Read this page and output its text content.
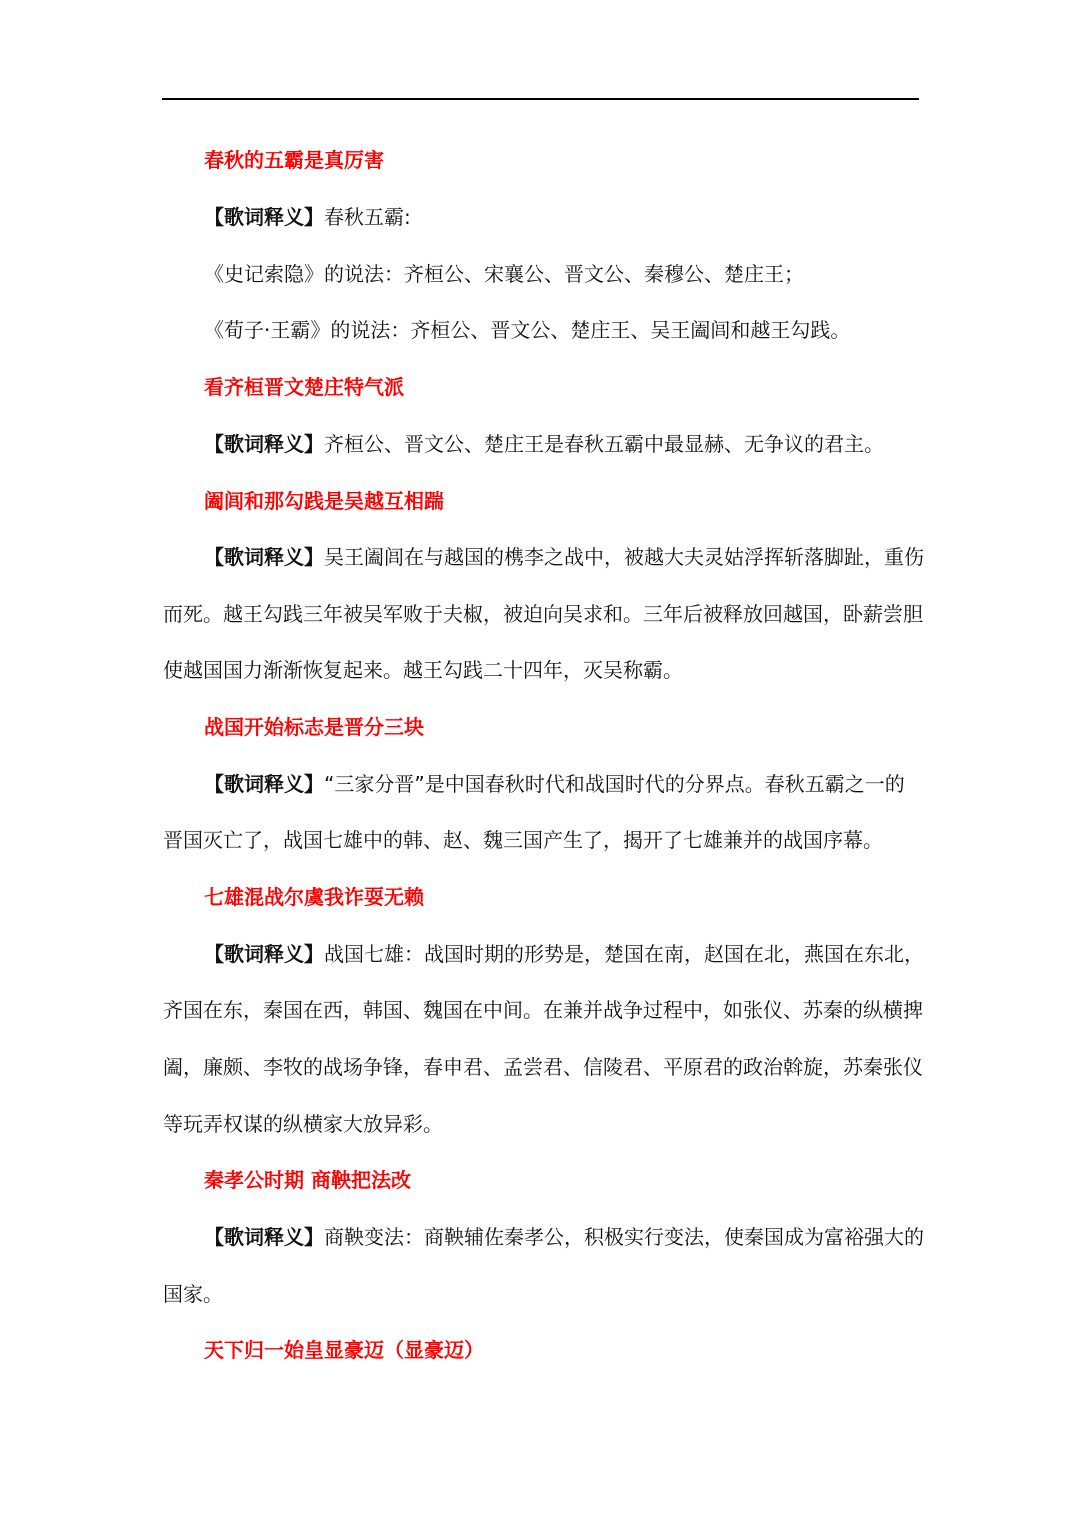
春秋的五霸是真厉害
【歌词释义】春秋五霸:
《史记索隐》的说法：齐桓公、宋襄公、晋文公、秦穆公、楚庄王；
《荀子·王霸》的说法：齐桓公、晋文公、楚庄王、吴王阖闾和越王勾践。
看齐桓晋文楚庄特气派
【歌词释义】齐桓公、晋文公、楚庄王是春秋五霸中最显赫、无争议的君主。
阖闾和那勾践是吴越互相踹
【歌词释义】吴王阖闾在与越国的槜李之战中，被越大夫灵姑浮挥斩落脚趾，重伤
而死。越王勾践三年被吴军败于夫椒，被迫向吴求和。三年后被释放回越国，卧薪尝胆
使越国国力渐渐恢复起来。越王勾践二十四年，灭吴称霸。
战国开始标志是晋分三块
【歌词释义】“三家分晋”是中国春秋时代和战国时代的分界点。春秋五霸之一的
晋国灭亡了，战国七雄中的韩、赵、魏三国产生了，揭开了七雄兼并的战国序幕。
七雄混战尔虞我诈耍无赖
【歌词释义】战国七雄：战国时期的形势是，楚国在南，赵国在北，燕国在东北，
齐国在东，秦国在西，韩国、魏国在中间。在兼并战争过程中，如张仪、苏秦的纵横捭
阖，廉颇、李牧的战场争锋，春申君、孟尝君、信陵君、平原君的政治斡旋，苏秦张仪
等玩弄权谋的纵横家大放异彩。
秦孝公时期 商鞅把法改
【歌词释义】商鞅变法：商鞅辅佐秦孝公，积极实行变法，使秦国成为富裕强大的
国家。
天下归一始皇显豪迈（显豪迈）
